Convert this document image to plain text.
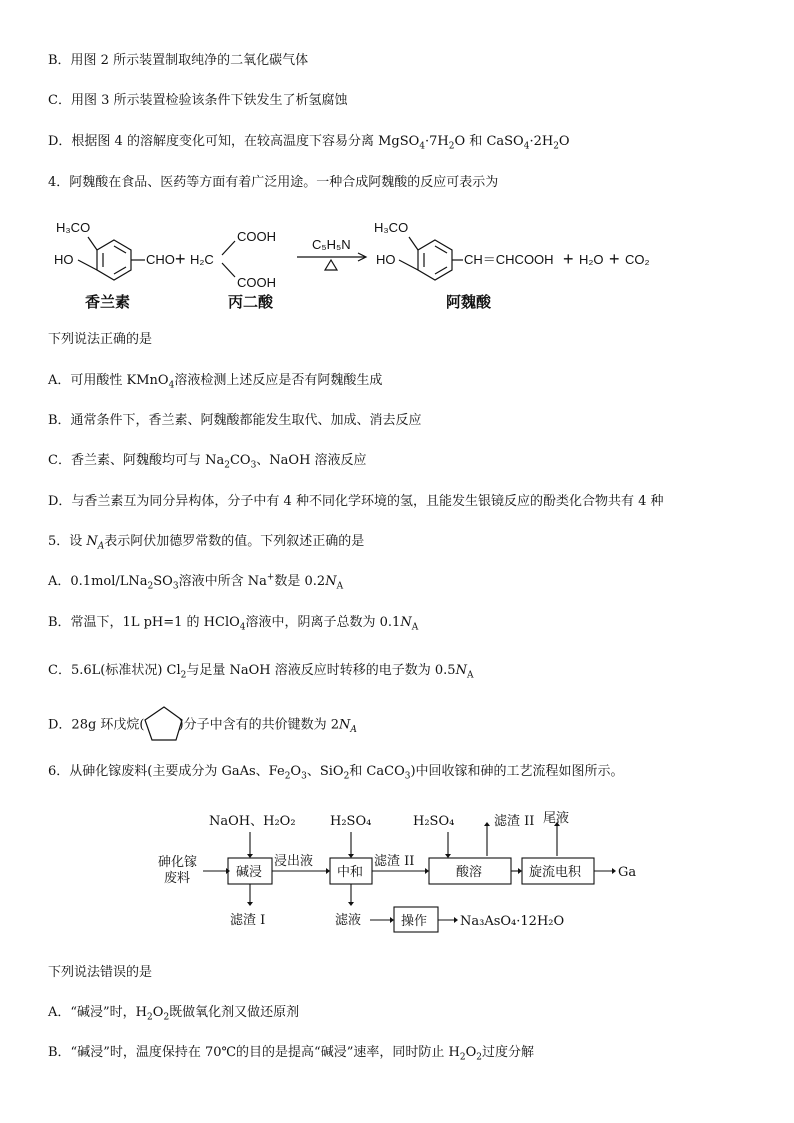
B．用图 2 所示装置制取纯净的二氧化碳气体
C．用图 3 所示装置检验该条件下铁发生了析氢腐蚀
D．根据图 4 的溶解度变化可知，在较高温度下容易分离 $MgSO_4\cdot 7H_2O$ 和 $CaSO_4\cdot 2H_2O$
4．阿魏酸在食品、医药等方面有着广泛用途。一种合成阿魏酸的反应可表示为
H₃CO
HO	CHO + H₂C
COOH
COOH
C₅H₅N
H₃CO
HO	CH＝CHCOOH + H₂O + CO₂
香兰素	丙二酸	阿魏酸
下列说法正确的是
A．可用酸性 KMnO$_4$溶液检测上述反应是否有阿魏酸生成
B．通常条件下，香兰素、阿魏酸都能发生取代、加成、消去反应
C．香兰素、阿魏酸均可与 $Na_2CO_3$、NaOH 溶液反应
D．与香兰素互为同分异构体，分子中有 4 种不同化学环境的氢，且能发生银镜反应的酚类化合物共有 4 种
5．设 $N_A$表示阿伏加德罗常数的值。下列叙述正确的是
A．$0.1mol/LNa_2SO_3$溶液中所含 Na+数是 $0.2N_A$
B．常温下，1L pH=1 的 HClO$_4$溶液中，阴离子总数为 $0.1N_A$
C．5.6L(标准状况) $Cl_2$与足量 NaOH 溶液反应时转移的电子数为 $0.5N_A$
D．28g 环戊烷(	)分子中含有的共价键数为 $2N_A$
6．从砷化镓废料(主要成分为 GaAs、$Fe_2O_3$、SiO$_2$和 CaCO$_3$)中回收镓和砷的工艺流程如图所示。
NaOH、H₂O₂	H₂SO₄	H₂SO₄	滤渣 II 尾液
砷化镓
废料	碱浸
浸出液
中和
滤渣 II
酸溶	旋流电积	Ga
滤渣 I	滤液	操作	Na₃AsO₄·12H₂O
下列说法错误的是
A．“碱浸”时，$H_2O_2$既做氧化剂又做还原剂
B．“碱浸”时，温度保持在 70℃的目的是提高“碱浸”速率，同时防止 $H_2O_2$过度分解
